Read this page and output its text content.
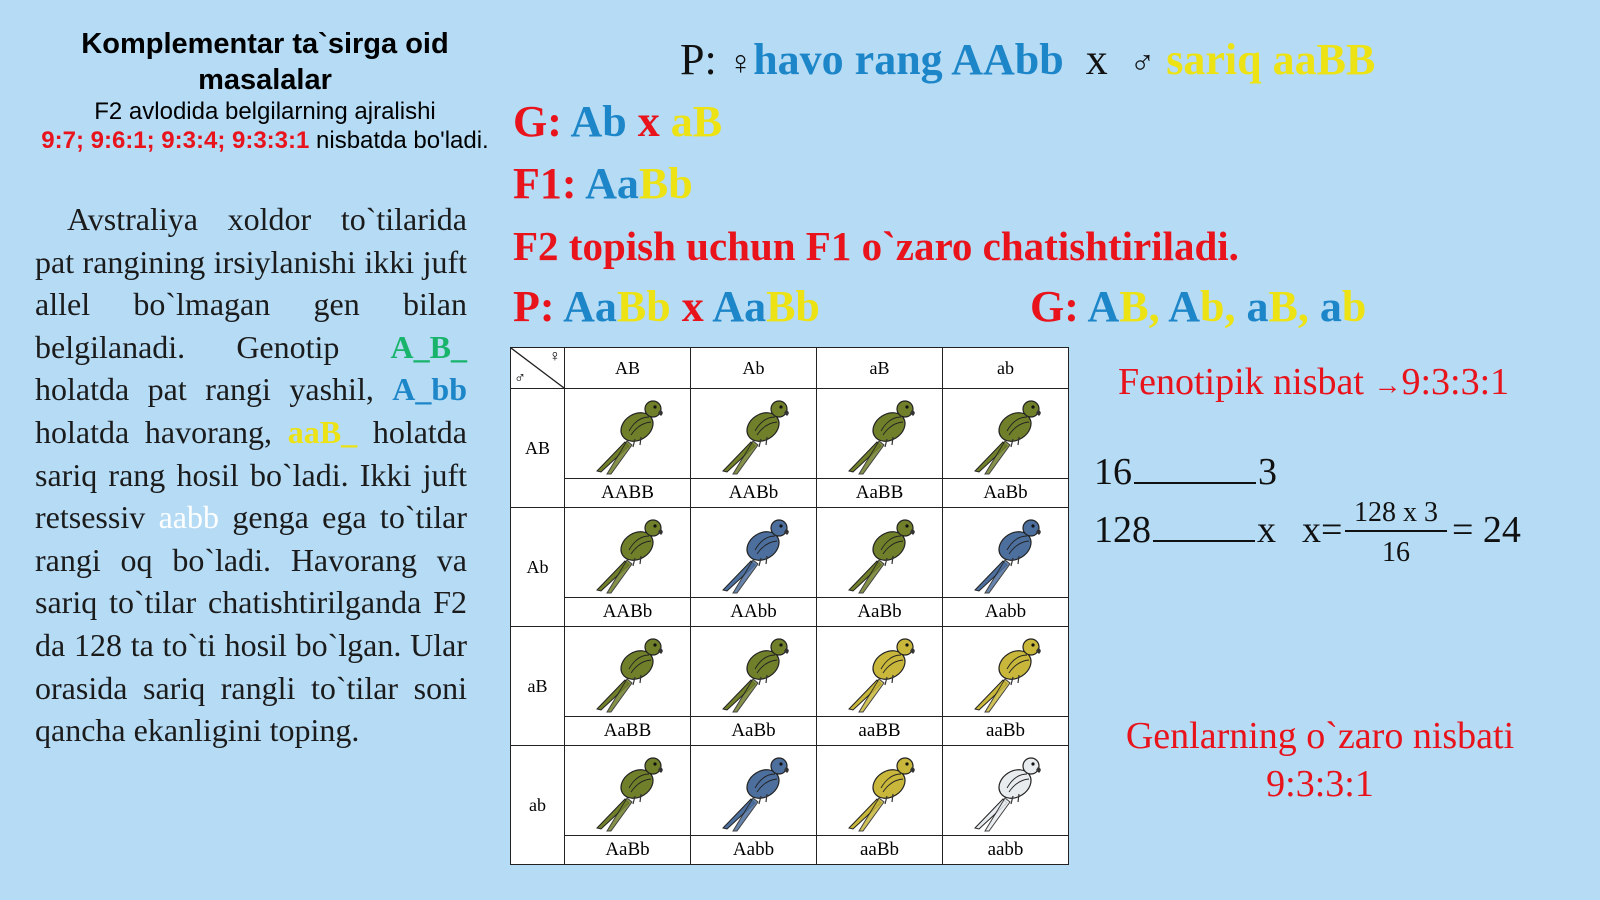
Komplementar ta`sirga oid masalalar
F2 avlodida belgilarning ajralishi
9:7; 9:6:1; 9:3:4; 9:3:3:1 nisbatda bo'ladi.
 Avstraliya xoldor to`tilarida pat rangining irsiylanishi ikki juft allel bo`lmagan gen bilan belgilanadi. Genotip A_B_ holatda pat rangi yashil, A_bb holatda havorang, aaB_ holatda sariq rang hosil bo`ladi. Ikki juft retsessiv aabb genga ega to`tilar rangi oq bo`ladi. Havorang va sariq to`tilar chatishtirilganda F2 da 128 ta to`ti hosil bo`lgan. Ular orasida sariq rangli to`tilar soni qancha ekanligini toping.
P: ♀havo rang AAbb x ♂ sariq aaBB
G: Ab x aB
F1: AaBb
F2 topish uchun F1 o`zaro chatishtiriladi.
P: AaBb x AaBb	G: AB, Ab, aB, ab
♀
♂	AB	Ab	aB	ab
AB	AABB	AABb	AaBB	AaBb

Ab	AABb	AAbb	AaBb	Aabb

aB	AaBB	AaBb	aaBB	aaBb

ab	AaBb	Aabb	aaBb	aabb
Fenotipik nisbat →9:3:3:1
16	3
128	x x= 128 x 3
16
= 24
Genlarning o`zaro nisbati
9:3:3:1
